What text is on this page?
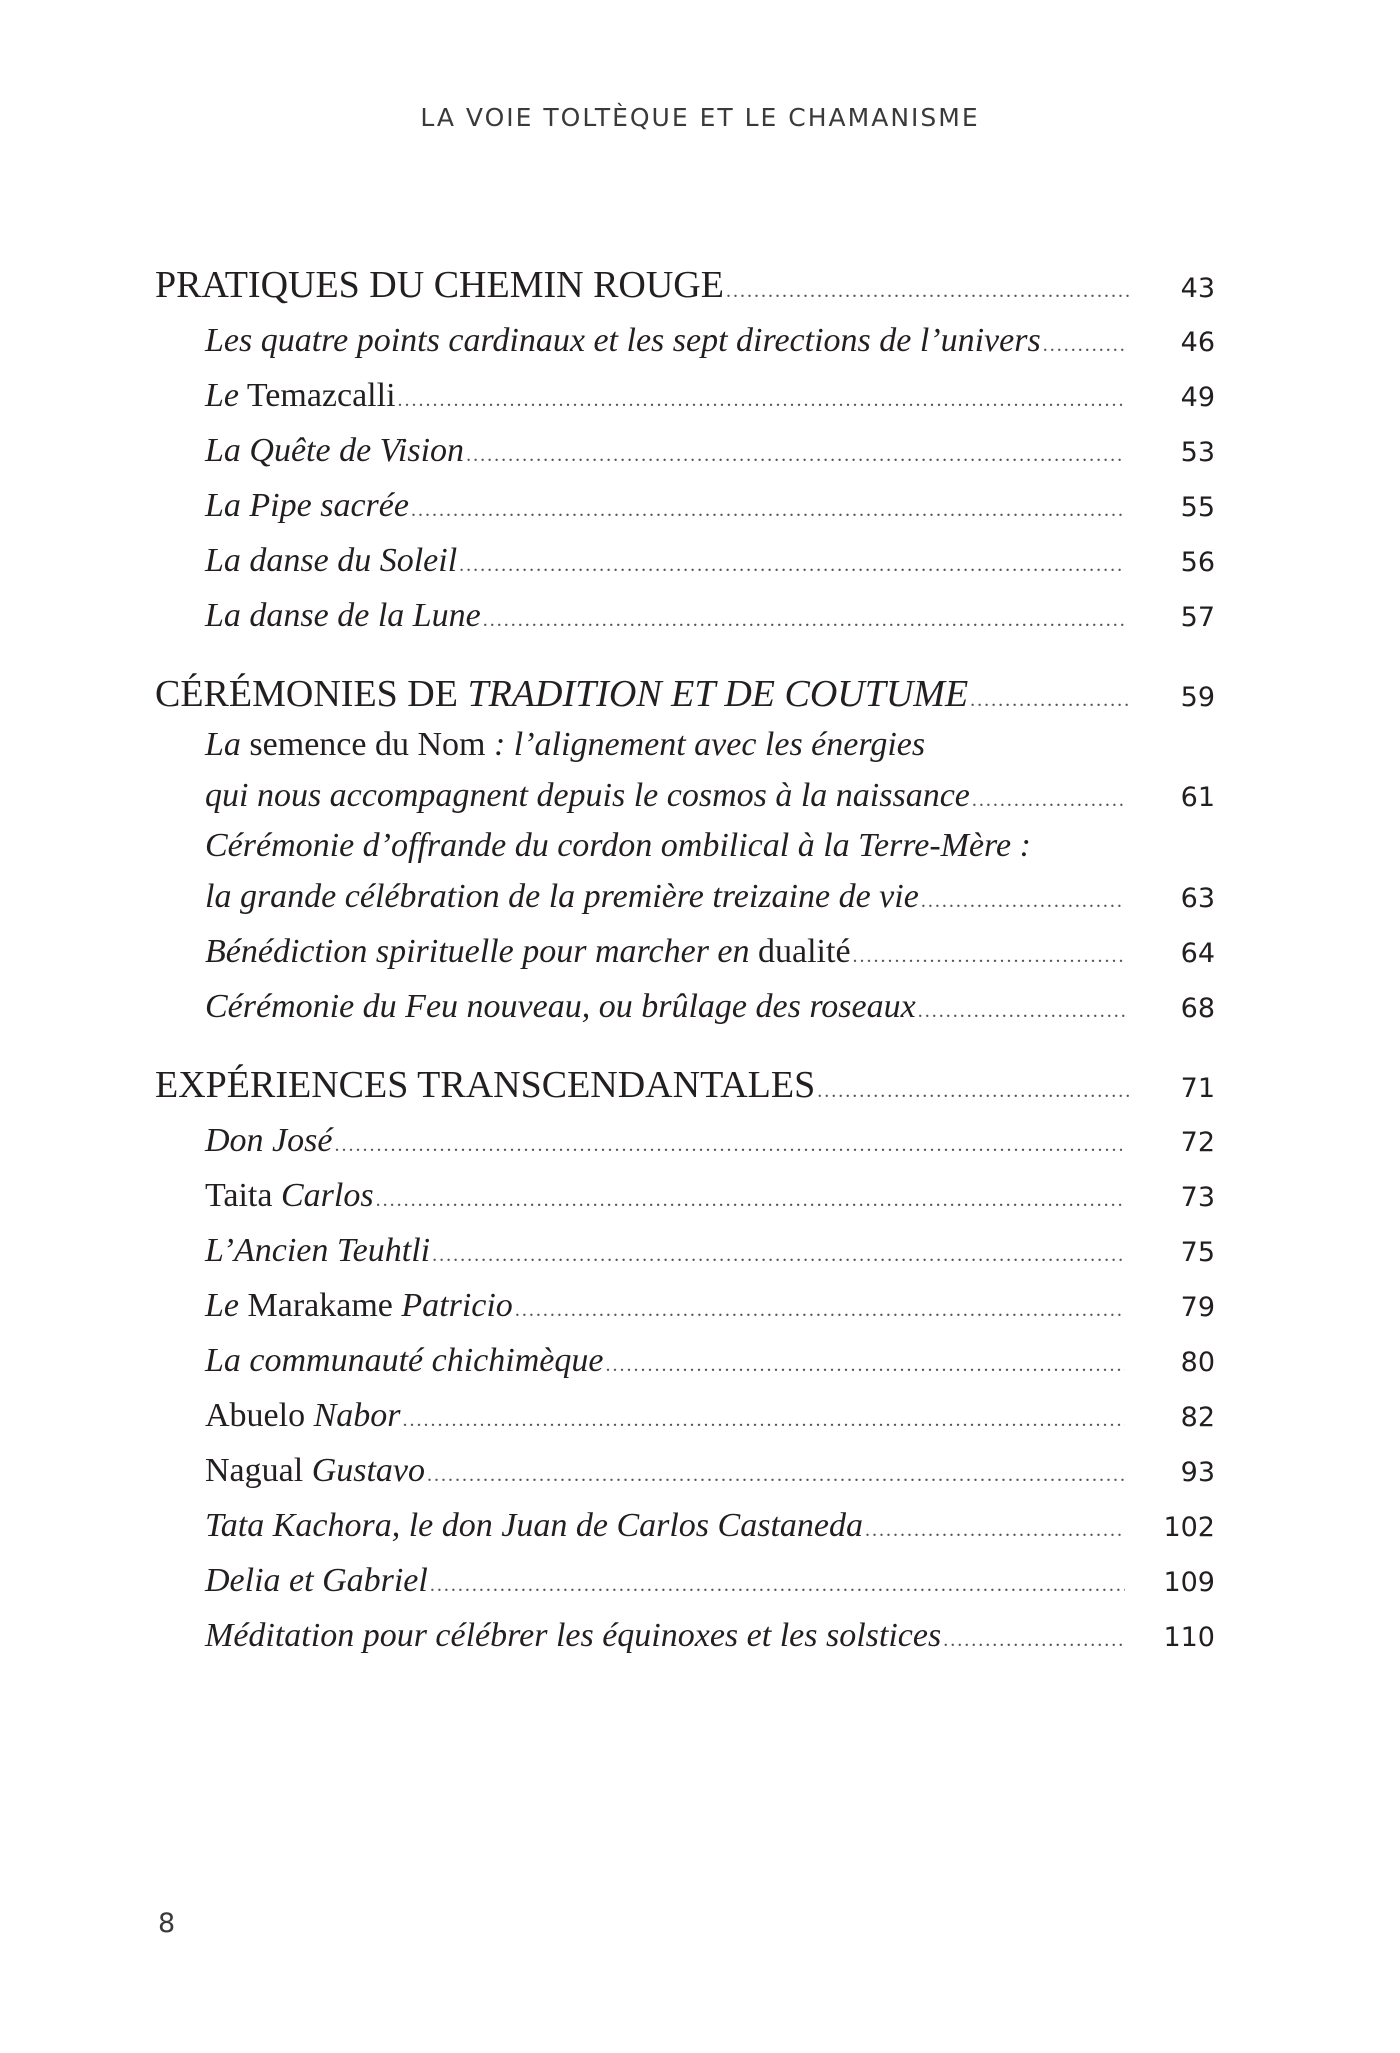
LA VOIE TOLTÈQUE ET LE CHAMANISME
PRATIQUES DU CHEMIN ROUGE .....	43
Les quatre points cardinaux et les sept directions de l’univers .....	46
Le Temazcalli .....	49
La Quête de Vision .....	53
La Pipe sacrée .....	55
La danse du Soleil .....	56
La danse de la Lune .....	57
CÉRÉMONIES DE TRADITION ET DE COUTUME .....	59
La semence du Nom : l’alignement avec les énergies
qui nous accompagnent depuis le cosmos à la naissance .....	61
Cérémonie d’offrande du cordon ombilical à la Terre-Mère :
la grande célébration de la première treizaine de vie .....	63
Bénédiction spirituelle pour marcher en dualité .....	64
Cérémonie du Feu nouveau, ou brûlage des roseaux .....	68
EXPÉRIENCES TRANSCENDANTALES .....	71
Don José .....	72
Taita Carlos .....	73
L’Ancien Teuhtli .....	75
Le Marakame Patricio .....	79
La communauté chichimèque .....	80
Abuelo Nabor .....	82
Nagual Gustavo .....	93
Tata Kachora, le don Juan de Carlos Castaneda .....	102
Delia et Gabriel .....	109
Méditation pour célébrer les équinoxes et les solstices .....	110
8
